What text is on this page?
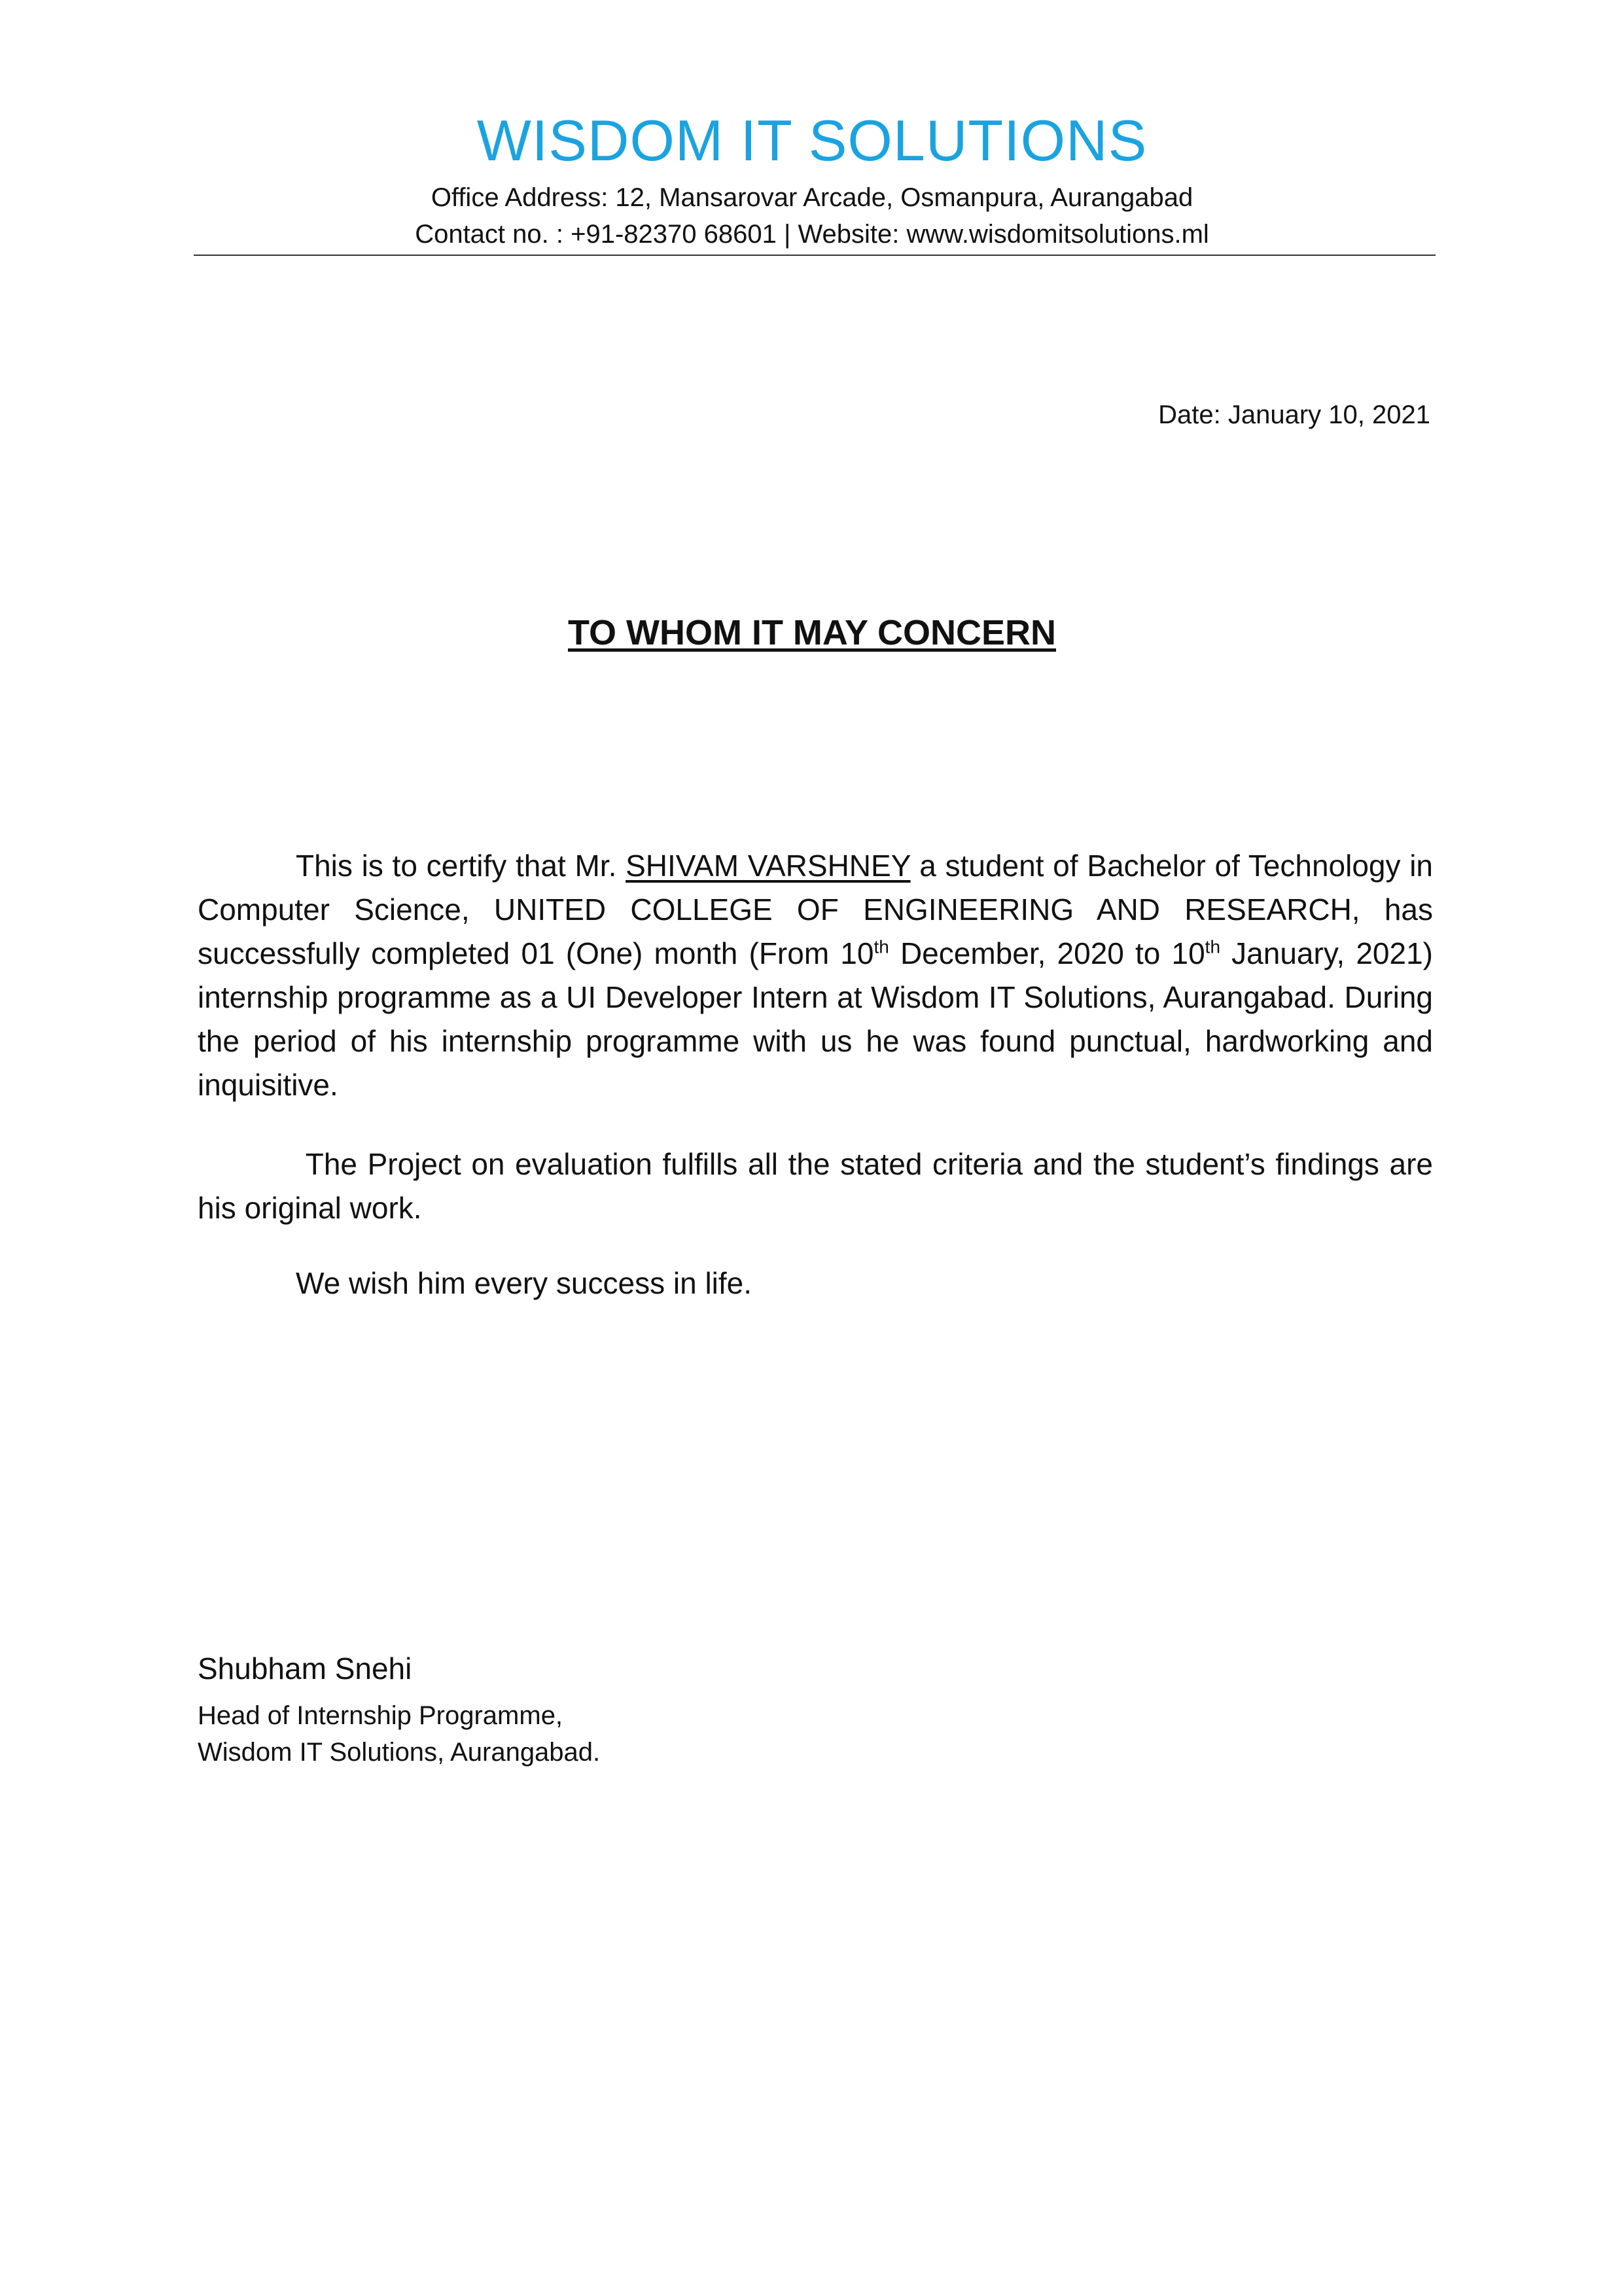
WISDOM IT SOLUTIONS
Office Address: 12, Mansarovar Arcade, Osmanpura, Aurangabad
Contact no. : +91-82370 68601 | Website: www.wisdomitsolutions.ml
Date: January 10, 2021
TO WHOM IT MAY CONCERN

This is to certify that Mr. SHIVAM VARSHNEY a student of Bachelor of Technology in Computer Science, UNITED COLLEGE OF ENGINEERING AND RESEARCH, has successfully completed 01 (One) month (From 10th December, 2020 to 10th January, 2021) internship programme as a UI Developer Intern at Wisdom IT Solutions, Aurangabad. During the period of his internship programme with us he was found punctual, hardworking and inquisitive.

The Project on evaluation fulfills all the stated criteria and the student’s findings are his original work.

We wish him every success in life.

Shubham Snehi
Head of Internship Programme,
Wisdom IT Solutions, Aurangabad.
